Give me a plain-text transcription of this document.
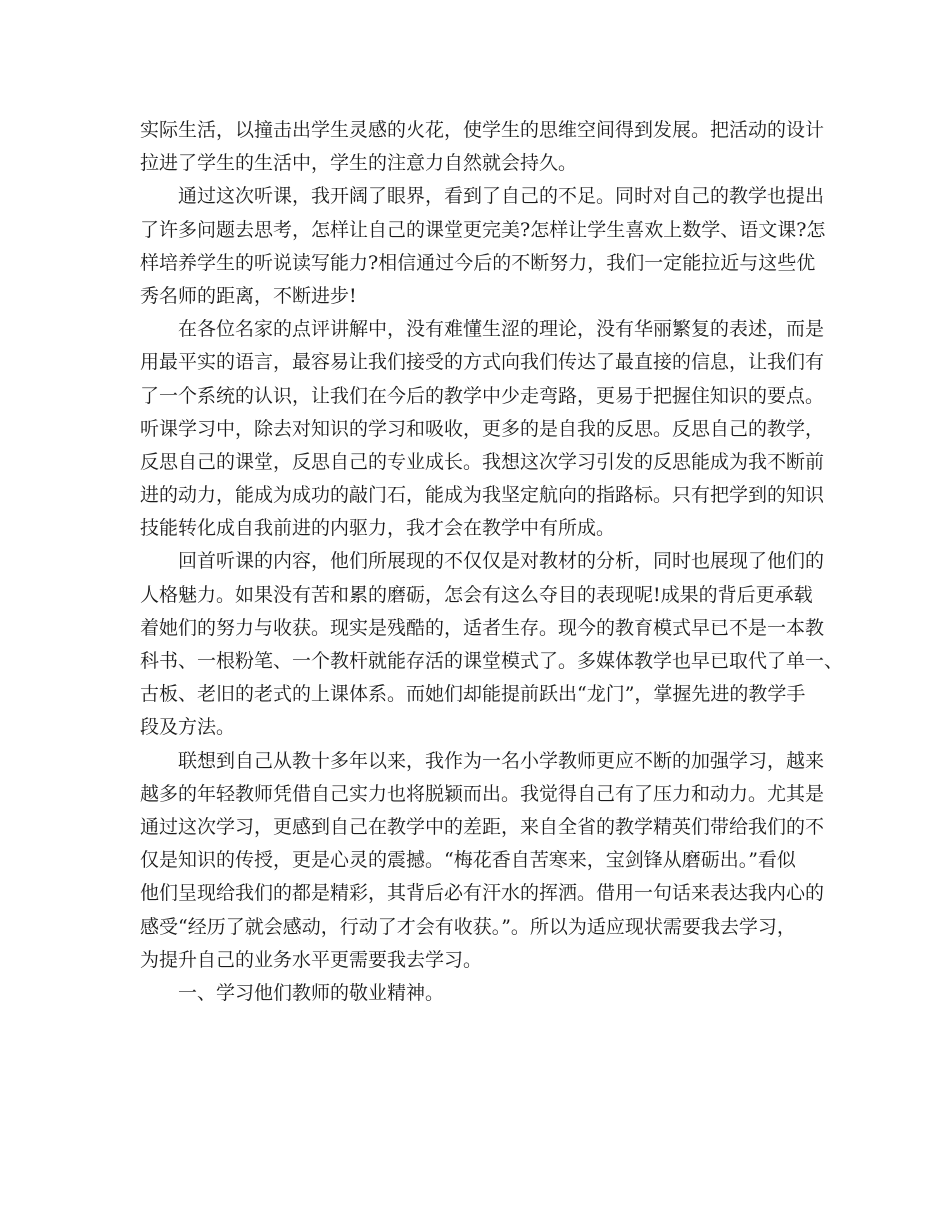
实际生活，以撞击出学生灵感的火花，使学生的思维空间得到发展。把活动的设计
拉进了学生的生活中，学生的注意力自然就会持久。
通过这次听课，我开阔了眼界，看到了自己的不足。同时对自己的教学也提出
了许多问题去思考，怎样让自己的课堂更完美?怎样让学生喜欢上数学、语文课?怎
样培养学生的听说读写能力?相信通过今后的不断努力，我们一定能拉近与这些优
秀名师的距离，不断进步!
在各位名家的点评讲解中，没有难懂生涩的理论，没有华丽繁复的表述，而是
用最平实的语言，最容易让我们接受的方式向我们传达了最直接的信息，让我们有
了一个系统的认识，让我们在今后的教学中少走弯路，更易于把握住知识的要点。
听课学习中，除去对知识的学习和吸收，更多的是自我的反思。反思自己的教学，
反思自己的课堂，反思自己的专业成长。我想这次学习引发的反思能成为我不断前
进的动力，能成为成功的敲门石，能成为我坚定航向的指路标。只有把学到的知识
技能转化成自我前进的内驱力，我才会在教学中有所成。
回首听课的内容，他们所展现的不仅仅是对教材的分析，同时也展现了他们的
人格魅力。如果没有苦和累的磨砺，怎会有这么夺目的表现呢!成果的背后更承载
着她们的努力与收获。现实是残酷的，适者生存。现今的教育模式早已不是一本教
科书、一根粉笔、一个教杆就能存活的课堂模式了。多媒体教学也早已取代了单一、
古板、老旧的老式的上课体系。而她们却能提前跃出“龙门”，掌握先进的教学手
段及方法。
联想到自己从教十多年以来，我作为一名小学教师更应不断的加强学习，越来
越多的年轻教师凭借自己实力也将脱颖而出。我觉得自己有了压力和动力。尤其是
通过这次学习，更感到自己在教学中的差距，来自全省的教学精英们带给我们的不
仅是知识的传授，更是心灵的震撼。“梅花香自苦寒来，宝剑锋从磨砺出。”看似
他们呈现给我们的都是精彩，其背后必有汗水的挥洒。借用一句话来表达我内心的
感受“经历了就会感动，行动了才会有收获。”。所以为适应现状需要我去学习，
为提升自己的业务水平更需要我去学习。
一、学习他们教师的敬业精神。
